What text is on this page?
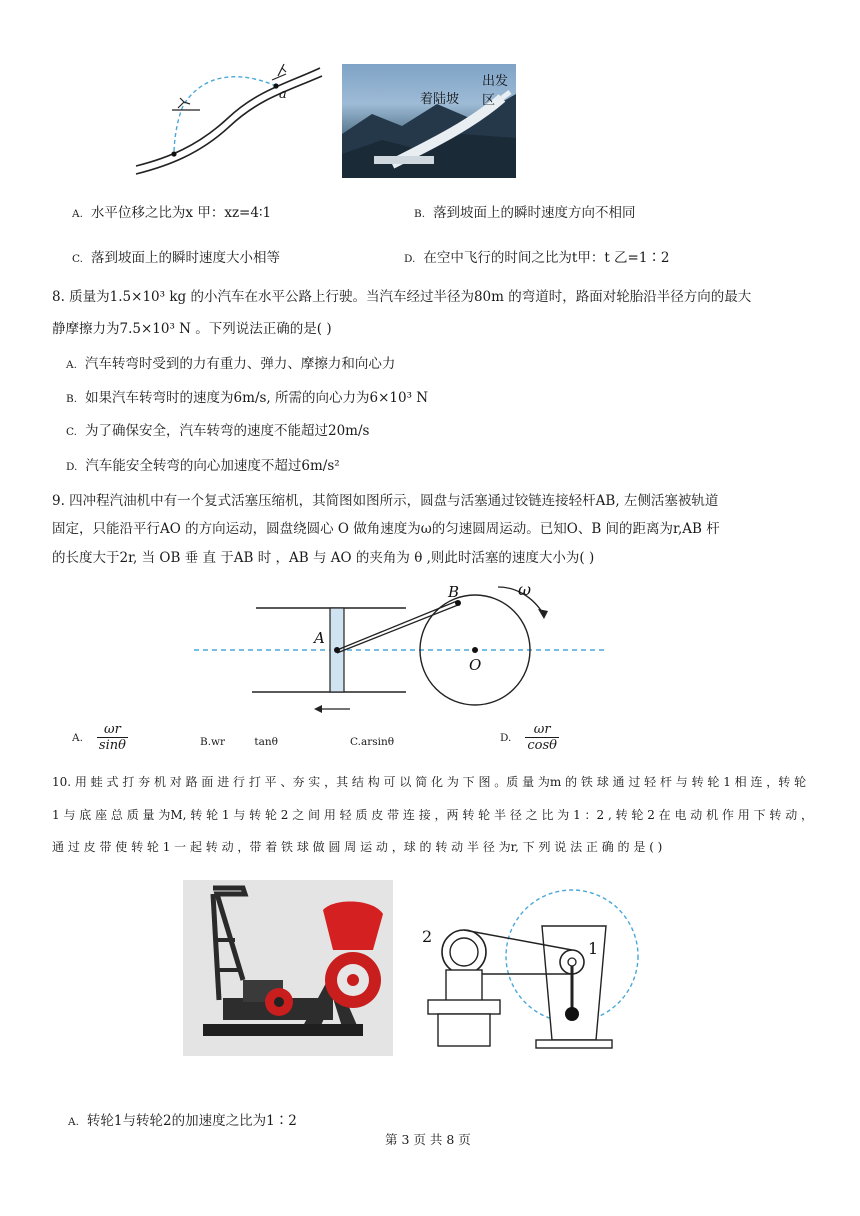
a
出发区
着陆坡
A. 水平位移之比为x 甲：xz=4∶1	B. 落到坡面上的瞬时速度方向不相同
C. 落到坡面上的瞬时速度大小相等	D. 在空中飞行的时间之比为t甲：t 乙=1∶2
8. 质量为1.5×10³ kg 的小汽车在水平公路上行驶。当汽车经过半径为80m 的弯道时，路面对轮胎沿半径方向的最大
静摩擦力为7.5×10³ N 。下列说法正确的是( )
A. 汽车转弯时受到的力有重力、弹力、摩擦力和向心力
B. 如果汽车转弯时的速度为6m/s, 所需的向心力为6×10³ N
C. 为了确保安全，汽车转弯的速度不能超过20m/s
D. 汽车能安全转弯的向心加速度不超过6m/s²
9. 四冲程汽油机中有一个复式活塞压缩机，其简图如图所示，圆盘与活塞通过铰链连接轻杆AB, 左侧活塞被轨道
固定，只能沿平行AO 的方向运动，圆盘绕圆心 O 做角速度为ω的匀速圆周运动。已知O、B 间的距离为r,AB 杆
的长度大于2r, 当 OB 垂 直 于AB 时 ，AB 与 AO 的夹角为 θ ,则此时活塞的速度大小为( )
A
B
O
ω
A. $\frac{\omega r}{\sin\theta}$	B.wr	tanθ	C.arsinθ	D. $\frac{\omega r}{\cos\theta}$
10. 用 蛙 式 打 夯 机 对 路 面 进 行 打 平 、夯 实 ，其 结 构 可 以 简 化 为 下 图 。质 量 为m 的 铁 球 通 过 轻 杆 与 转 轮 1 相 连 ，转 轮
1 与 底 座 总 质 量 为M, 转 轮 1 与 转 轮 2 之 间 用 轻 质 皮 带 连 接 ，两 转 轮 半 径 之 比 为 1 ：2 , 转 轮 2 在 电 动 机 作 用 下 转 动 ，
通 过 皮 带 使 转 轮 1 一 起 转 动 ，带 着 铁 球 做 圆 周 运 动 ，球 的 转 动 半 径 为r, 下 列 说 法 正 确 的 是 ( )
1
2
A. 转轮1与转轮2的加速度之比为1∶2
第 3 页 共 8 页
